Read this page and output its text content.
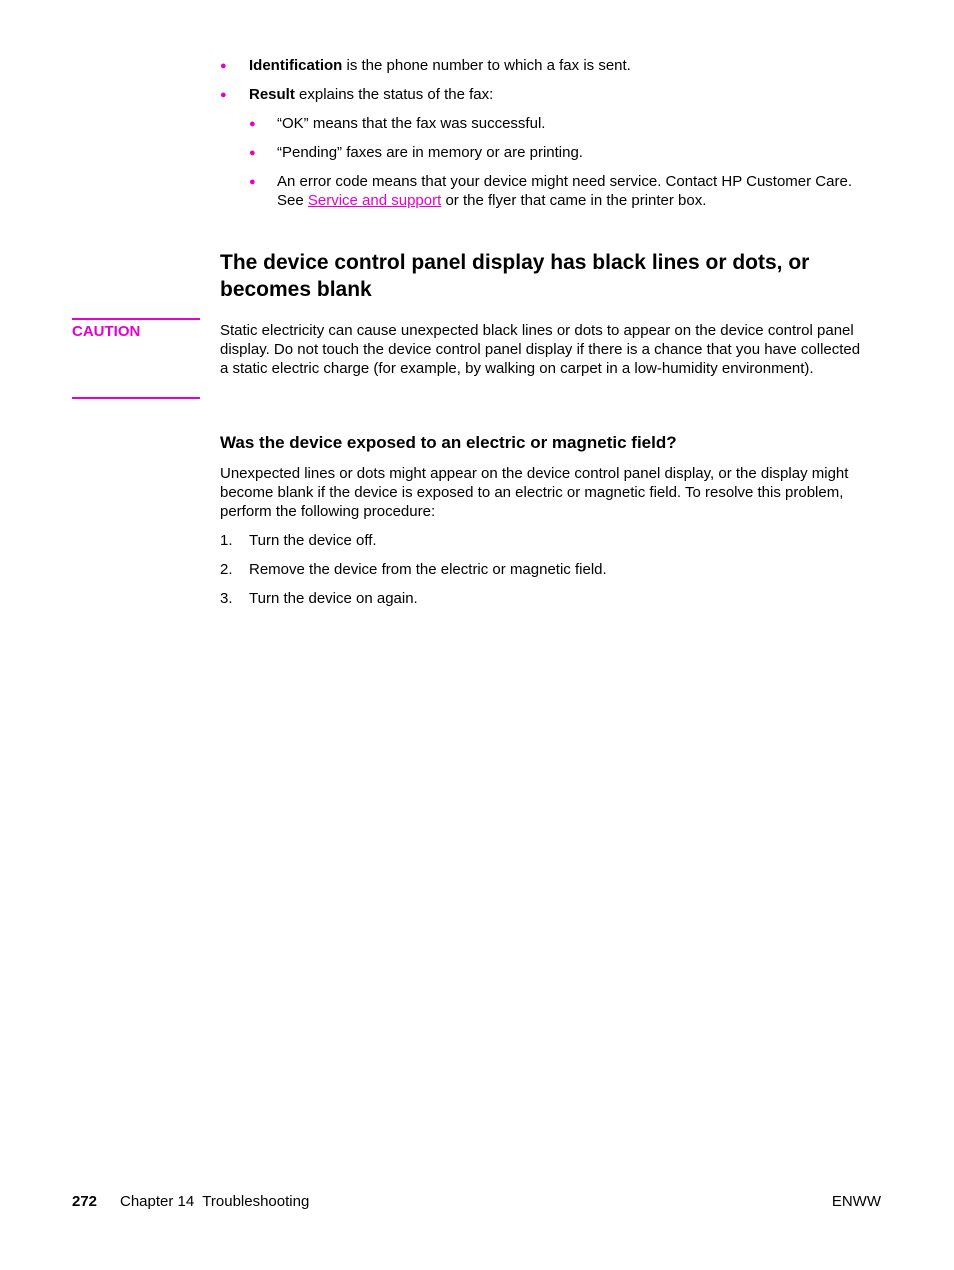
● Identification is the phone number to which a fax is sent.
● Result explains the status of the fax:
● “OK” means that the fax was successful.
● “Pending” faxes are in memory or are printing.
● An error code means that your device might need service. Contact HP Customer Care. See Service and support or the flyer that came in the printer box.
The device control panel display has black lines or dots, or becomes blank
CAUTION	Static electricity can cause unexpected black lines or dots to appear on the device control panel display. Do not touch the device control panel display if there is a chance that you have collected a static electric charge (for example, by walking on carpet in a low-humidity environment).
Was the device exposed to an electric or magnetic field?
Unexpected lines or dots might appear on the device control panel display, or the display might become blank if the device is exposed to an electric or magnetic field. To resolve this problem, perform the following procedure:
1. Turn the device off.
2. Remove the device from the electric or magnetic field.
3. Turn the device on again.
272 Chapter 14  Troubleshooting	ENWW
